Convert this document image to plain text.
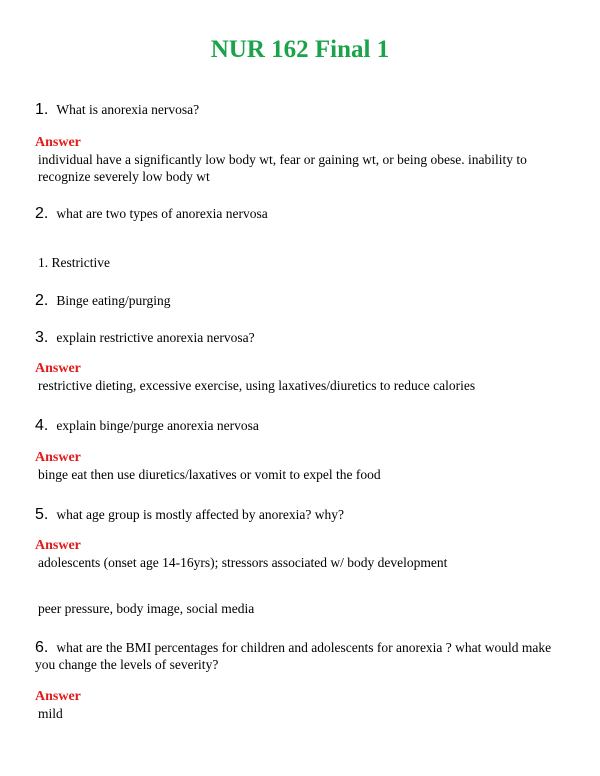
NUR 162 Final 1

1. What is anorexia nervosa?

Answer
individual have a significantly low body wt, fear or gaining wt, or being obese. inability to recognize severely low body wt

2. what are two types of anorexia nervosa

1. Restrictive

2. Binge eating/purging

3. explain restrictive anorexia nervosa?

Answer
restrictive dieting, excessive exercise, using laxatives/diuretics to reduce calories

4. explain binge/purge anorexia nervosa

Answer
binge eat then use diuretics/laxatives or vomit to expel the food

5. what age group is mostly affected by anorexia? why?

Answer
adolescents (onset age 14-16yrs); stressors associated w/ body development

peer pressure, body image, social media

6. what are the BMI percentages for children and adolescents for anorexia ? what would make you change the levels of severity?

Answer
mild
